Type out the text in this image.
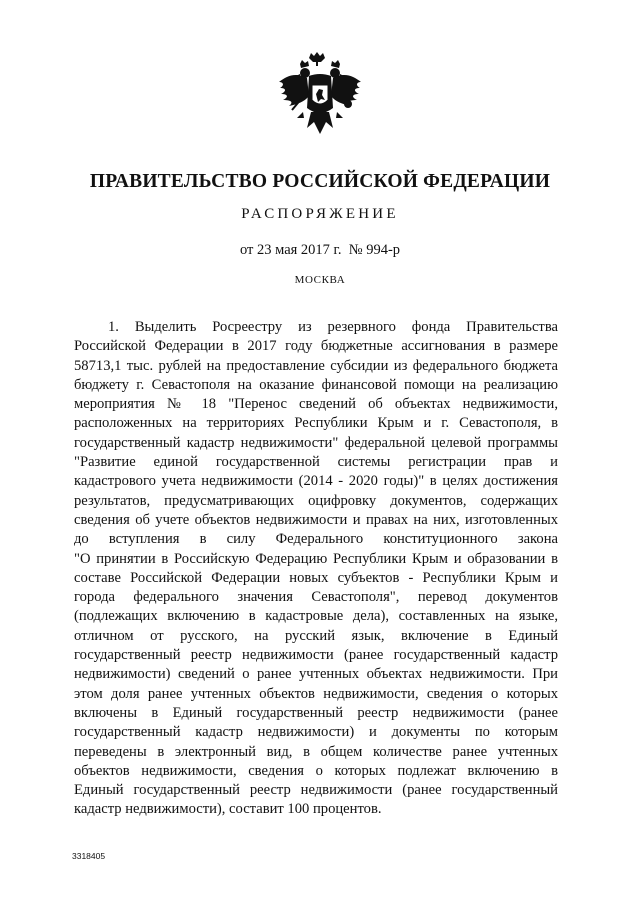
ПРАВИТЕЛЬСТВО РОССИЙСКОЙ ФЕДЕРАЦИИ
РАСПОРЯЖЕНИЕ
от 23 мая 2017 г.  № 994-р
МОСКВА
1. Выделить Росреестру из резервного фонда Правительства
Российской Федерации в 2017 году бюджетные ассигнования в размере
58713,1 тыс. рублей на предоставление субсидии из федерального бюджета
бюджету г. Севастополя на оказание финансовой помощи на реализацию
мероприятия № 18 "Перенос сведений об объектах недвижимости,
расположенных на территориях Республики Крым и г. Севастополя, в
государственный кадастр недвижимости" федеральной целевой программы
"Развитие единой государственной системы регистрации прав и
кадастрового учета недвижимости (2014 - 2020 годы)" в целях достижения
результатов, предусматривающих оцифровку документов, содержащих
сведения об учете объектов недвижимости и правах на них, изготовленных
до вступления в силу Федерального конституционного закона
"О принятии в Российскую Федерацию Республики Крым и образовании в
составе Российской Федерации новых субъектов - Республики Крым и
города федерального значения Севастополя", перевод документов
(подлежащих включению в кадастровые дела), составленных на языке,
отличном от русского, на русский язык, включение в Единый
государственный реестр недвижимости (ранее государственный кадастр
недвижимости) сведений о ранее учтенных объектах недвижимости. При
этом доля ранее учтенных объектов недвижимости, сведения о которых
включены в Единый государственный реестр недвижимости (ранее
государственный кадастр недвижимости) и документы по которым
переведены в электронный вид, в общем количестве ранее учтенных
объектов недвижимости, сведения о которых подлежат включению в
Единый государственный реестр недвижимости (ранее государственный
кадастр недвижимости), составит 100 процентов.
3318405
